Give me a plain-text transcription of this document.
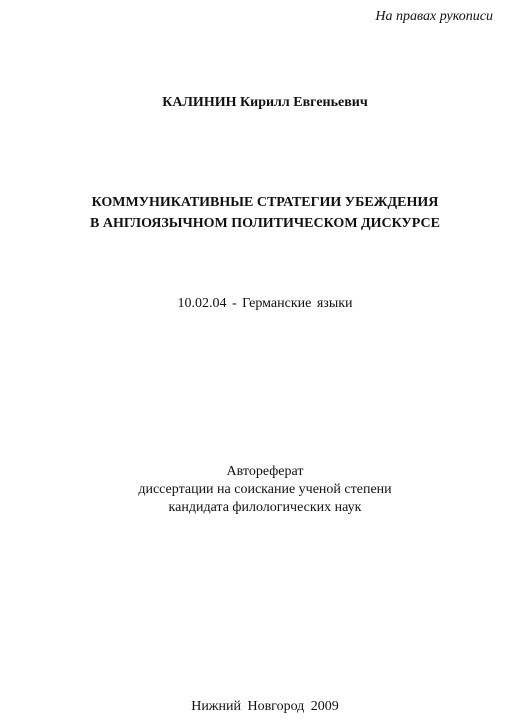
На правах рукописи
КАЛИНИН Кирилл Евгеньевич
КОММУНИКАТИВНЫЕ СТРАТЕГИИ УБЕЖДЕНИЯ
В АНГЛОЯЗЫЧНОМ ПОЛИТИЧЕСКОМ ДИСКУРСЕ
10.02.04 - Германские языки
Автореферат
диссертации на соискание ученой степени
кандидата филологических наук
Нижний Новгород 2009
